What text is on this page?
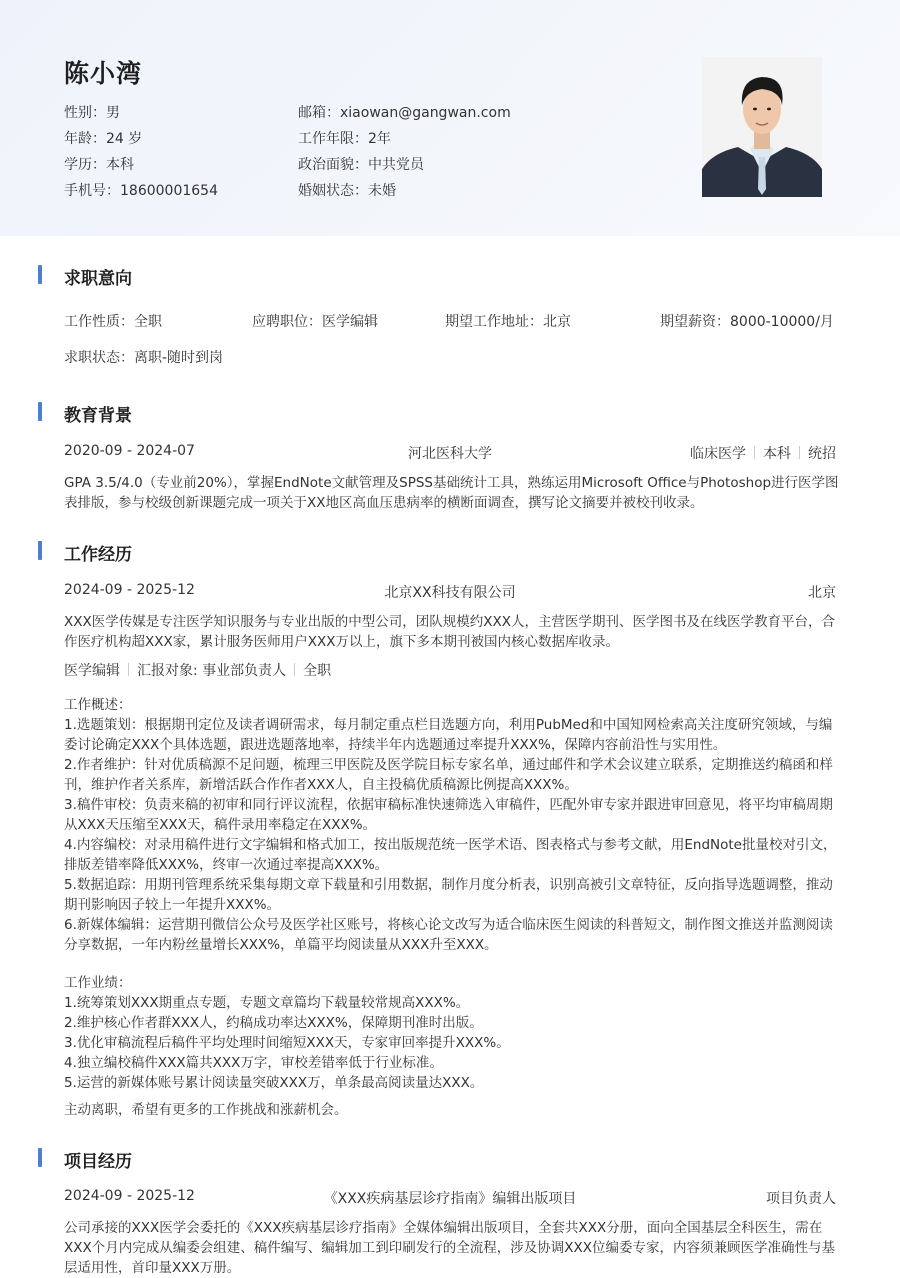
陈小湾
性别：男	邮箱：xiaowan@gangwan.com
年龄：24 岁	工作年限：2年
学历：本科	政治面貌：中共党员
手机号：18600001654	婚姻状态：未婚
求职意向
工作性质：全职	应聘职位：医学编辑	期望工作地址：北京	期望薪资：8000-10000/月
求职状态：离职-随时到岗
教育背景
2020-09 - 2024-07	河北医科大学	临床医学 本科 统招
GPA 3.5/4.0（专业前20%），掌握EndNote文献管理及SPSS基础统计工具，熟练运用Microsoft Office与Photoshop进行医学图表排版，参与校级创新课题完成一项关于XX地区高血压患病率的横断面调查，撰写论文摘要并被校刊收录。
工作经历
2024-09 - 2025-12	北京XX科技有限公司	北京
XXX医学传媒是专注医学知识服务与专业出版的中型公司，团队规模约XXX人，主营医学期刊、医学图书及在线医学教育平台，合作医疗机构超XXX家，累计服务医师用户XXX万以上，旗下多本期刊被国内核心数据库收录。
医学编辑 汇报对象: 事业部负责人 全职
工作概述：
1.选题策划：根据期刊定位及读者调研需求，每月制定重点栏目选题方向，利用PubMed和中国知网检索高关注度研究领域，与编委讨论确定XXX个具体选题，跟进选题落地率，持续半年内选题通过率提升XXX%，保障内容前沿性与实用性。
2.作者维护：针对优质稿源不足问题，梳理三甲医院及医学院目标专家名单，通过邮件和学术会议建立联系，定期推送约稿函和样刊，维护作者关系库，新增活跃合作作者XXX人，自主投稿优质稿源比例提高XXX%。
3.稿件审校：负责来稿的初审和同行评议流程，依据审稿标准快速筛选入审稿件，匹配外审专家并跟进审回意见，将平均审稿周期从XXX天压缩至XXX天，稿件录用率稳定在XXX%。
4.内容编校：对录用稿件进行文字编辑和格式加工，按出版规范统一医学术语、图表格式与参考文献，用EndNote批量校对引文，排版差错率降低XXX%，终审一次通过率提高XXX%。
5.数据追踪：用期刊管理系统采集每期文章下载量和引用数据，制作月度分析表，识别高被引文章特征，反向指导选题调整，推动期刊影响因子较上一年提升XXX%。
6.新媒体编辑：运营期刊微信公众号及医学社区账号，将核心论文改写为适合临床医生阅读的科普短文，制作图文推送并监测阅读分享数据，一年内粉丝量增长XXX%，单篇平均阅读量从XXX升至XXX。
工作业绩：
1.统筹策划XXX期重点专题，专题文章篇均下载量较常规高XXX%。
2.维护核心作者群XXX人，约稿成功率达XXX%，保障期刊准时出版。
3.优化审稿流程后稿件平均处理时间缩短XXX天，专家审回率提升XXX%。
4.独立编校稿件XXX篇共XXX万字，审校差错率低于行业标准。
5.运营的新媒体账号累计阅读量突破XXX万，单条最高阅读量达XXX。
主动离职，希望有更多的工作挑战和涨薪机会。
项目经历
2024-09 - 2025-12	《XXX疾病基层诊疗指南》编辑出版项目	项目负责人
公司承接的XXX医学会委托的《XXX疾病基层诊疗指南》全媒体编辑出版项目，全套共XXX分册，面向全国基层全科医生，需在XXX个月内完成从编委会组建、稿件编写、编辑加工到印刷发行的全流程，涉及协调XXX位编委专家，内容须兼顾医学准确性与基层适用性，首印量XXX万册。
